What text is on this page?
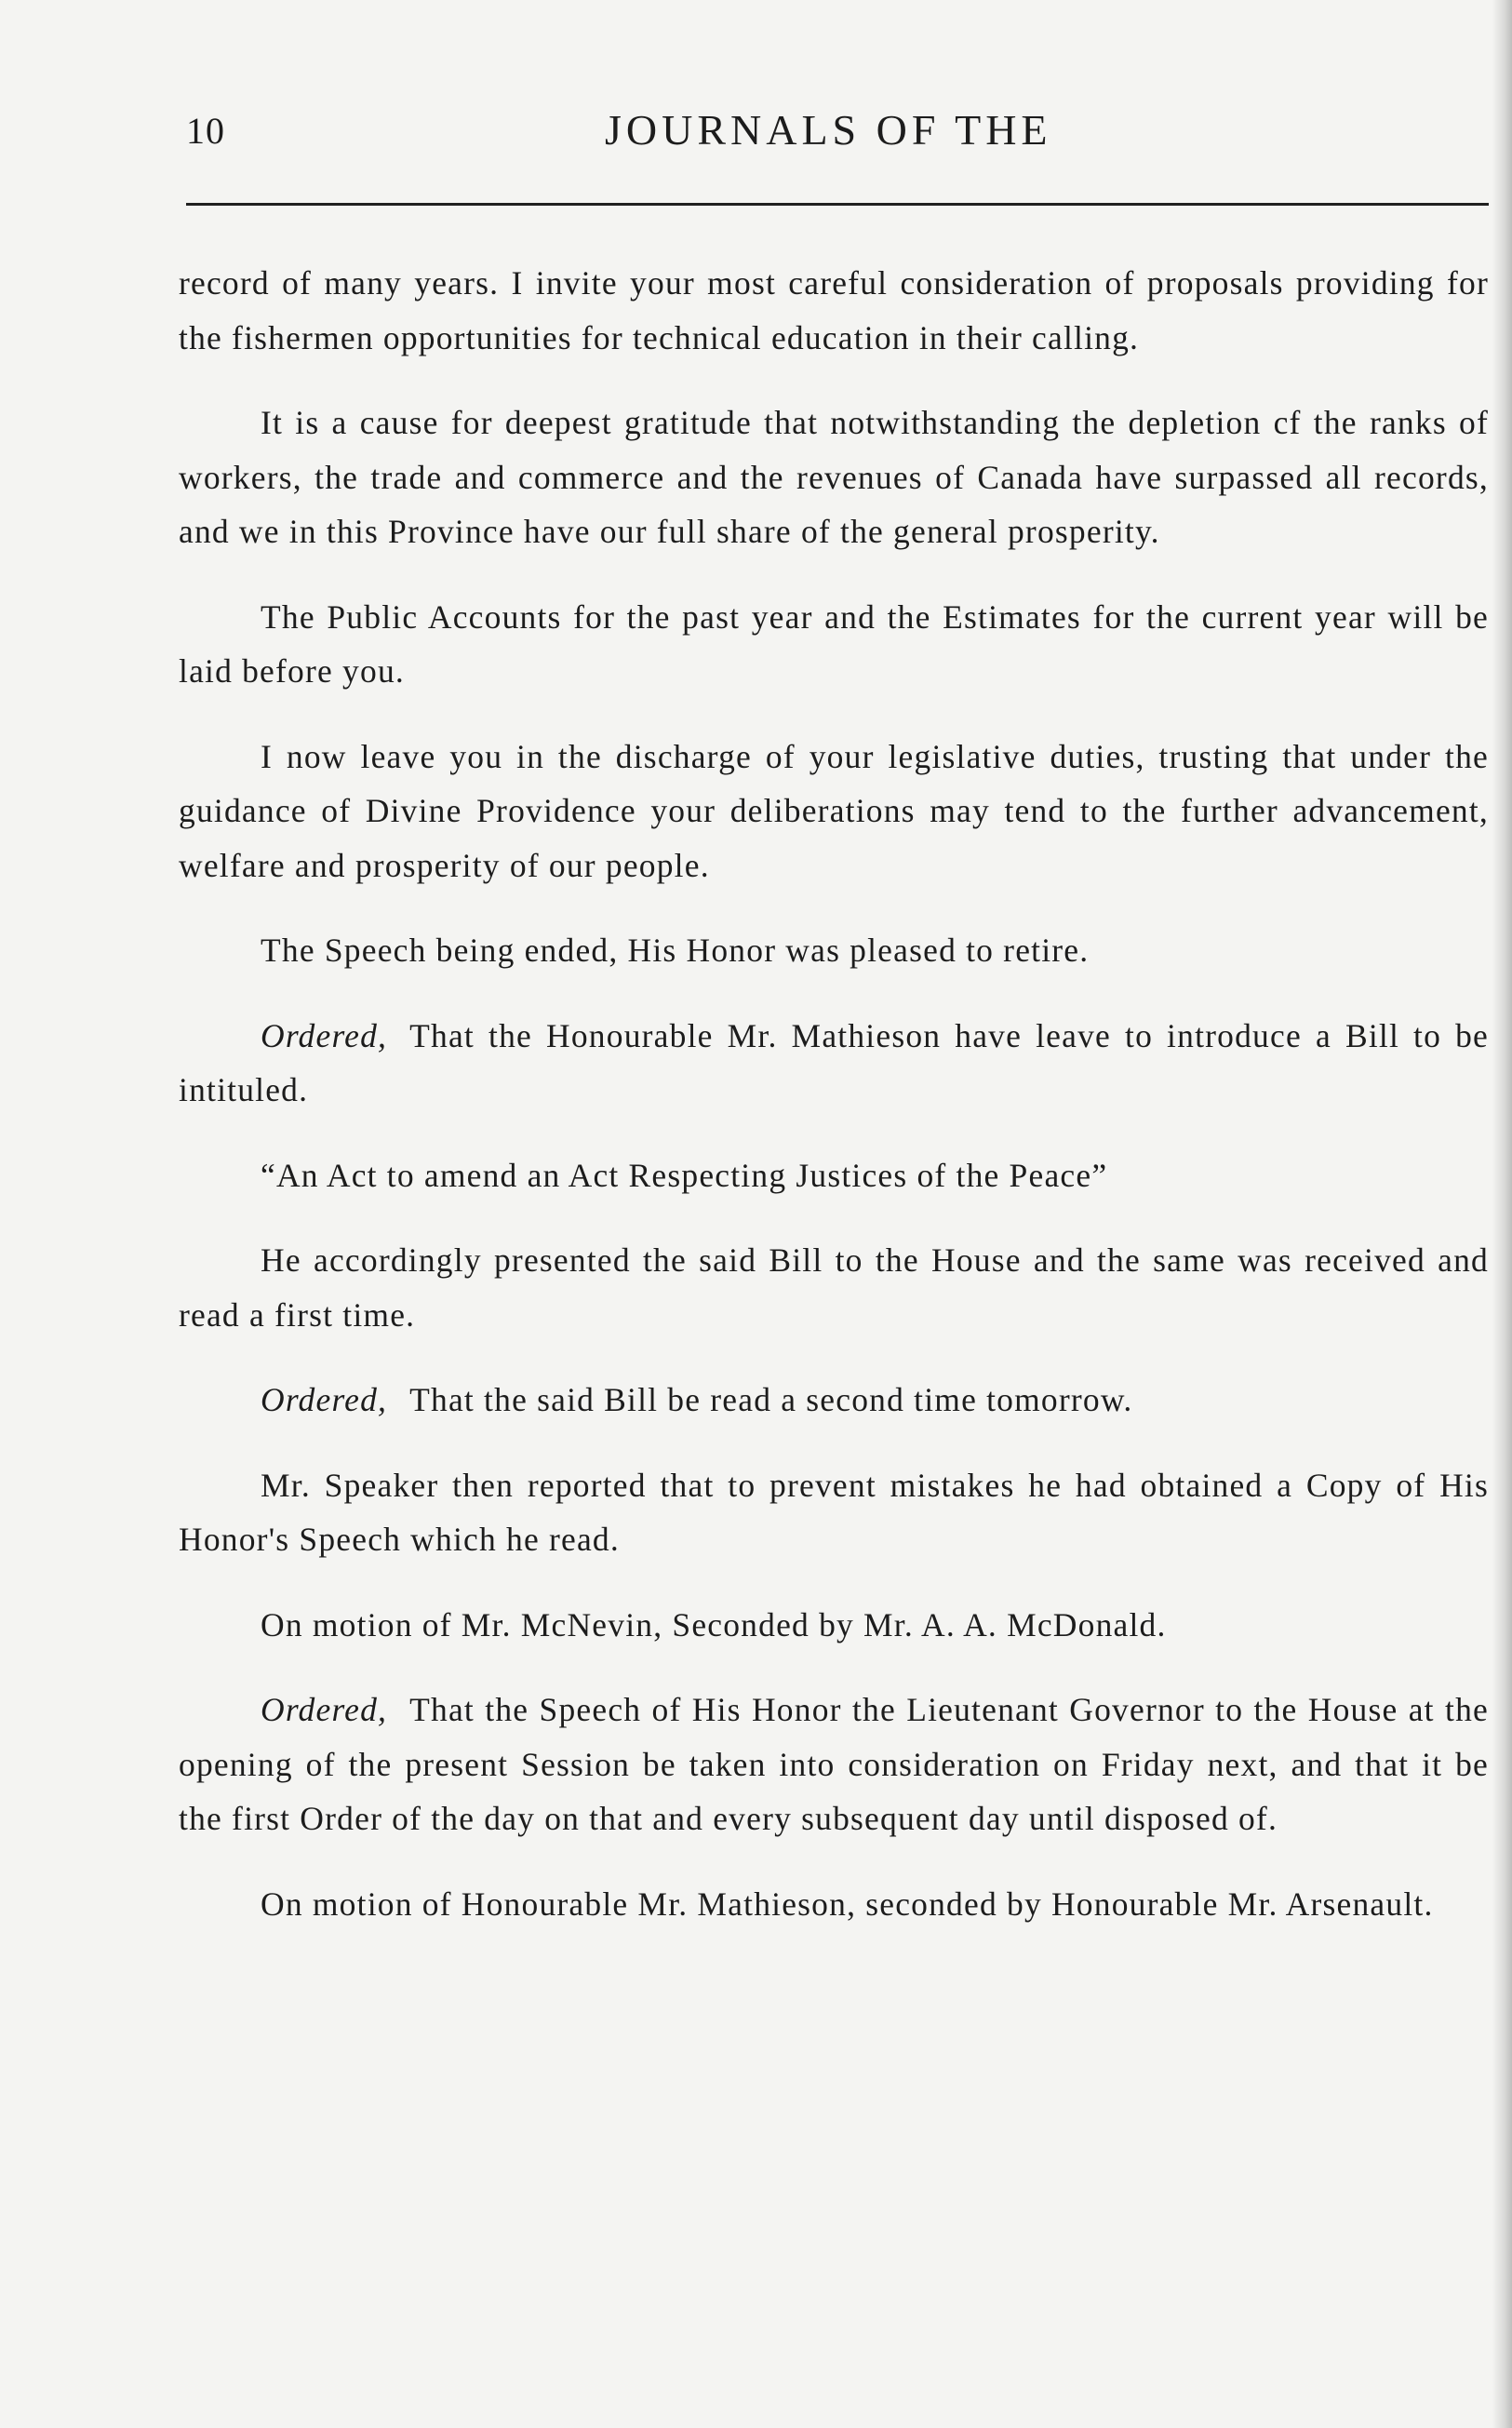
10	JOURNALS OF THE

record of many years. I invite your most careful consideration of proposals providing for the fishermen opportunities for technical education in their calling.

It is a cause for deepest gratitude that notwithstanding the depletion cf the ranks of workers, the trade and commerce and the revenues of Canada have surpassed all records, and we in this Province have our full share of the general prosperity.

The Public Accounts for the past year and the Estimates for the current year will be laid before you.

I now leave you in the discharge of your legislative duties, trusting that under the guidance of Divine Providence your deliberations may tend to the further advancement, welfare and prosperity of our people.

The Speech being ended, His Honor was pleased to retire.

Ordered, That the Honourable Mr. Mathieson have leave to introduce a Bill to be intituled.

“An Act to amend an Act Respecting Justices of the Peace”

He accordingly presented the said Bill to the House and the same was received and read a first time.

Ordered, That the said Bill be read a second time tomorrow.

Mr. Speaker then reported that to prevent mistakes he had obtained a Copy of His Honor's Speech which he read.

On motion of Mr. McNevin, Seconded by Mr. A. A. McDonald.

Ordered, That the Speech of His Honor the Lieutenant Governor to the House at the opening of the present Session be taken into consideration on Friday next, and that it be the first Order of the day on that and every subsequent day until disposed of.

On motion of Honourable Mr. Mathieson, seconded by Honourable Mr. Arsenault.
